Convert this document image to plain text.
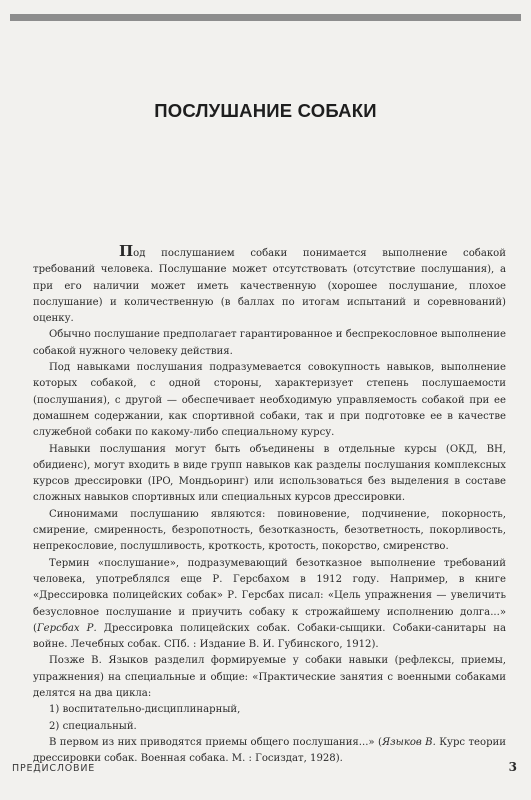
ПОСЛУШАНИЕ СОБАКИ

Под послушанием собаки понимается выполнение собакой требований человека. Послушание может отсутствовать (отсутствие послушания), а при его наличии может иметь качественную (хорошее послушание, плохое послушание) и количественную (в баллах по итогам испытаний и соревнований) оценку.

Обычно послушание предполагает гарантированное и беспрекословное выполнение собакой нужного человеку действия.

Под навыками послушания подразумевается совокупность навыков, выполнение которых собакой, с одной стороны, характеризует степень послушаемости (послушания), с другой — обеспечивает необходимую управляемость собакой при ее домашнем содержании, как спортивной собаки, так и при подготовке ее в качестве служебной собаки по какому-либо специальному курсу.

Навыки послушания могут быть объединены в отдельные курсы (ОКД, ВН, обидиенс), могут входить в виде групп навыков как разделы послушания комплексных курсов дрессировки (IPO, Мондьоринг) или использоваться без выделения в составе сложных навыков спортивных или специальных курсов дрессировки.

Синонимами послушанию являются: повиновение, подчинение, покорность, смирение, смиренность, безропотность, безотказность, безответность, покорливость, непрекословие, послушливость, кроткость, кротость, покорство, смиренство.

Термин «послушание», подразумевающий безотказное выполнение требований человека, употреблялся еще Р. Герсбахом в 1912 году. Например, в книге «Дрессировка полицейских собак» Р. Герсбах писал: «Цель упражнения — увеличить безусловное послушание и приучить собаку к строжайшему исполнению долга...» (Герсбах Р. Дрессировка полицейских собак. Собаки-сыщики. Собаки-санитары на войне. Лечебных собак. СПб. : Издание В. И. Губинского, 1912).

Позже В. Языков разделил формируемые у собаки навыки (рефлексы, приемы, упражнения) на специальные и общие: «Практические занятия с военными собаками делятся на два цикла:

1) воспитательно-дисциплинарный,

2) специальный.

В первом из них приводятся приемы общего послушания...» (Языков В. Курс теории дрессировки собак. Военная собака. М. : Госиздат, 1928).

ПРЕДИСЛОВИЕ	3
